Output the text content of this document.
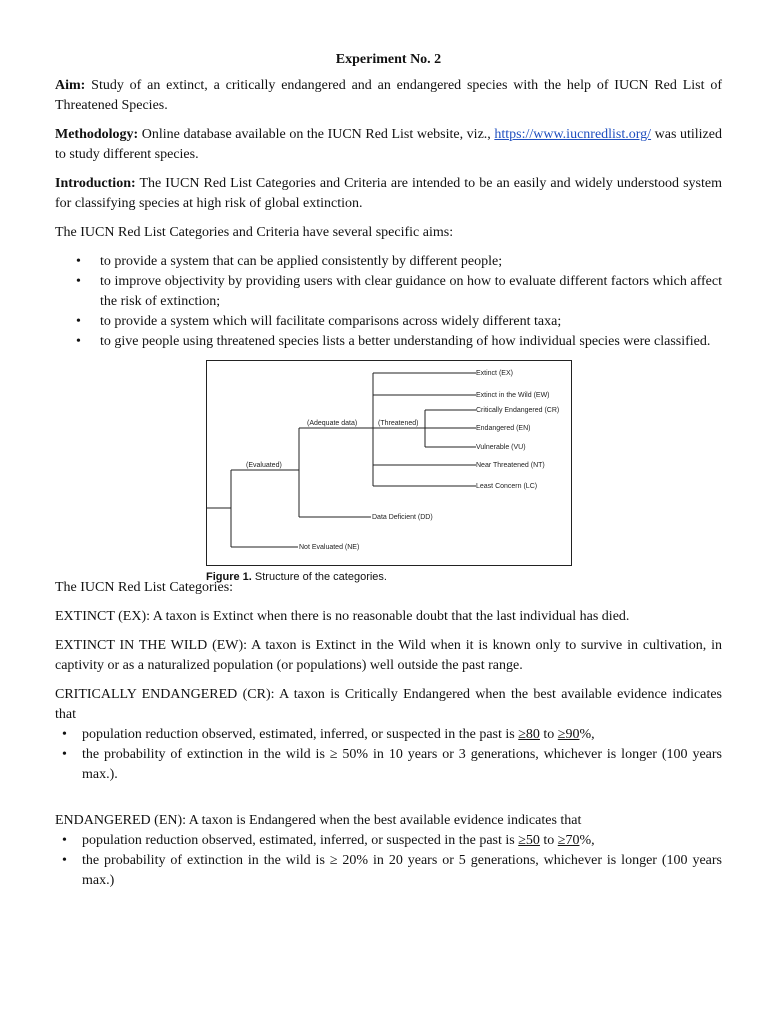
Experiment No. 2

Aim: Study of an extinct, a critically endangered and an endangered species with the help of IUCN Red List of Threatened Species.

Methodology: Online database available on the IUCN Red List website, viz., https://www.iucnredlist.org/ was utilized to study different species.

Introduction: The IUCN Red List Categories and Criteria are intended to be an easily and widely understood system for classifying species at high risk of global extinction.

The IUCN Red List Categories and Criteria have several specific aims:

• to provide a system that can be applied consistently by different people;
• to improve objectivity by providing users with clear guidance on how to evaluate different factors which affect the risk of extinction;
• to provide a system which will facilitate comparisons across widely different taxa;
• to give people using threatened species lists a better understanding of how individual species were classified.
(Evaluated)
(Adequate data)	(Threatened)
Extinct (EX)
Extinct in the Wild (EW)
Critically Endangered (CR)
Endangered (EN)
Vulnerable (VU)
Near Threatened (NT)
Least Concern (LC)
Data Deficient (DD)
Not Evaluated (NE)
Figure 1. Structure of the categories.

The IUCN Red List Categories:

EXTINCT (EX): A taxon is Extinct when there is no reasonable doubt that the last individual has died.

EXTINCT IN THE WILD (EW): A taxon is Extinct in the Wild when it is known only to survive in cultivation, in captivity or as a naturalized population (or populations) well outside the past range.

CRITICALLY ENDANGERED (CR): A taxon is Critically Endangered when the best available evidence indicates that

• population reduction observed, estimated, inferred, or suspected in the past is ≥80 to ≥90%,
• the probability of extinction in the wild is ≥ 50% in 10 years or 3 generations, whichever is longer (100 years max.).

ENDANGERED (EN): A taxon is Endangered when the best available evidence indicates that

• population reduction observed, estimated, inferred, or suspected in the past is ≥50 to ≥70%,
• the probability of extinction in the wild is ≥ 20% in 20 years or 5 generations, whichever is longer (100 years max.)
